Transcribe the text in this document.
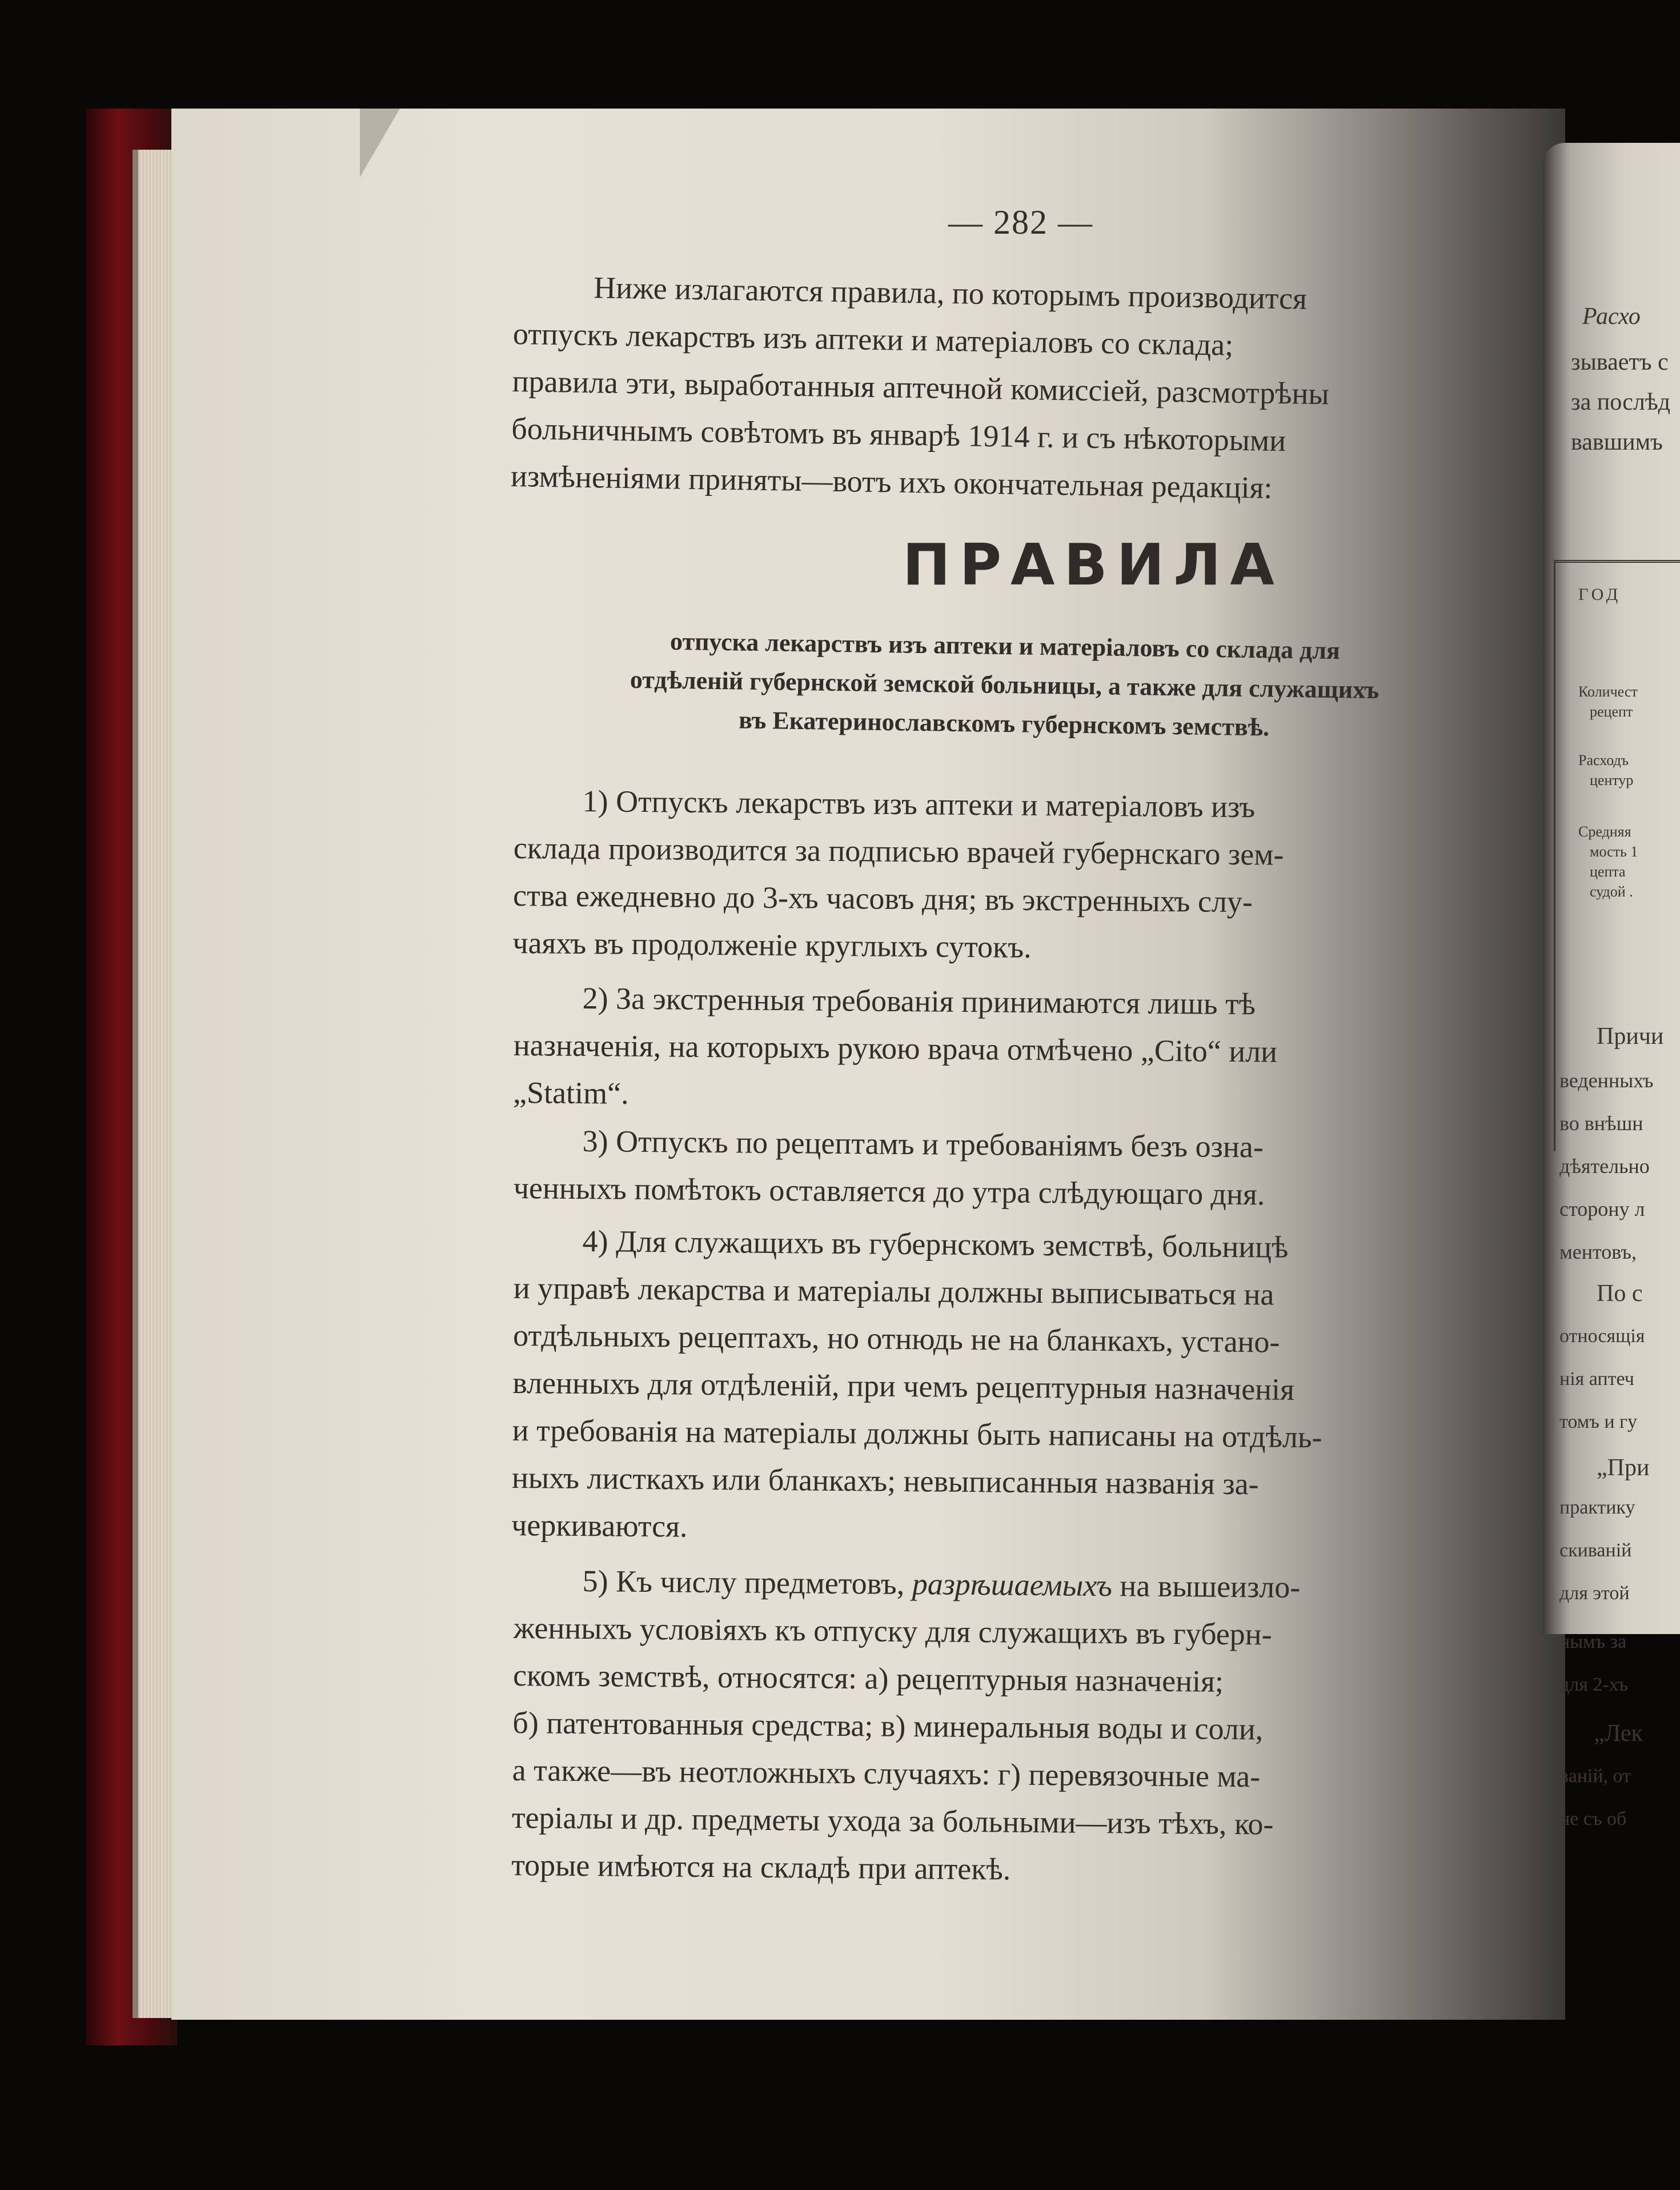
— 282 —
Ниже излагаются правила, по которымъ производится
отпускъ лекарствъ изъ аптеки и матеріаловъ со склада;
правила эти, выработанныя аптечной комиссіей, разсмотрѣны
больничнымъ совѣтомъ въ январѣ 1914 г. и съ нѣкоторыми
измѣненіями приняты—вотъ ихъ окончательная редакція:
ПРАВИЛА
отпуска лекарствъ изъ аптеки и матеріаловъ со склада для
отдѣленій губернской земской больницы, а также для служащихъ
въ Екатеринославскомъ губернскомъ земствѣ.
1) Отпускъ лекарствъ изъ аптеки и матеріаловъ изъ
склада производится за подписью врачей губернскаго зем-
ства ежедневно до 3-хъ часовъ дня; въ экстренныхъ слу-
чаяхъ въ продолженіе круглыхъ сутокъ.
2) За экстренныя требованія принимаются лишь тѣ
назначенія, на которыхъ рукою врача отмѣчено „Cito“ или
„Statim“.
3) Отпускъ по рецептамъ и требованіямъ безъ озна-
ченныхъ помѣтокъ оставляется до утра слѣдующаго дня.
4) Для служащихъ въ губернскомъ земствѣ, больницѣ
и управѣ лекарства и матеріалы должны выписываться на
отдѣльныхъ рецептахъ, но отнюдь не на бланкахъ, устано-
вленныхъ для отдѣленій, при чемъ рецептурныя назначенія
и требованія на матеріалы должны быть написаны на отдѣль-
ныхъ листкахъ или бланкахъ; невыписанныя названія за-
черкиваются.
5) Къ числу предметовъ, разрѣшаемыхъ на вышеизло-
женныхъ условіяхъ къ отпуску для служащихъ въ губерн-
скомъ земствѣ, относятся: а) рецептурныя назначенія;
б) патентованныя средства; в) минеральныя воды и соли,
а также—въ неотложныхъ случаяхъ: г) перевязочные ма-
теріалы и др. предметы ухода за больными—изъ тѣхъ, ко-
торые имѣются на складѣ при аптекѣ.
Расхо
зываетъ с
за послѣд
вавшимъ
ГОД
Количест
рецепт
Расходъ
центур
Средняя
мость 1
цепта
судой .
Причи
веденныхъ
во внѣшн
дѣятельно
сторону л
ментовъ,
По с
относящія
нія аптеч
томъ и гу
„При
практику
скиваній
для этой
нымъ за
для 2-хъ
„Лек
ваній, от
не съ об
